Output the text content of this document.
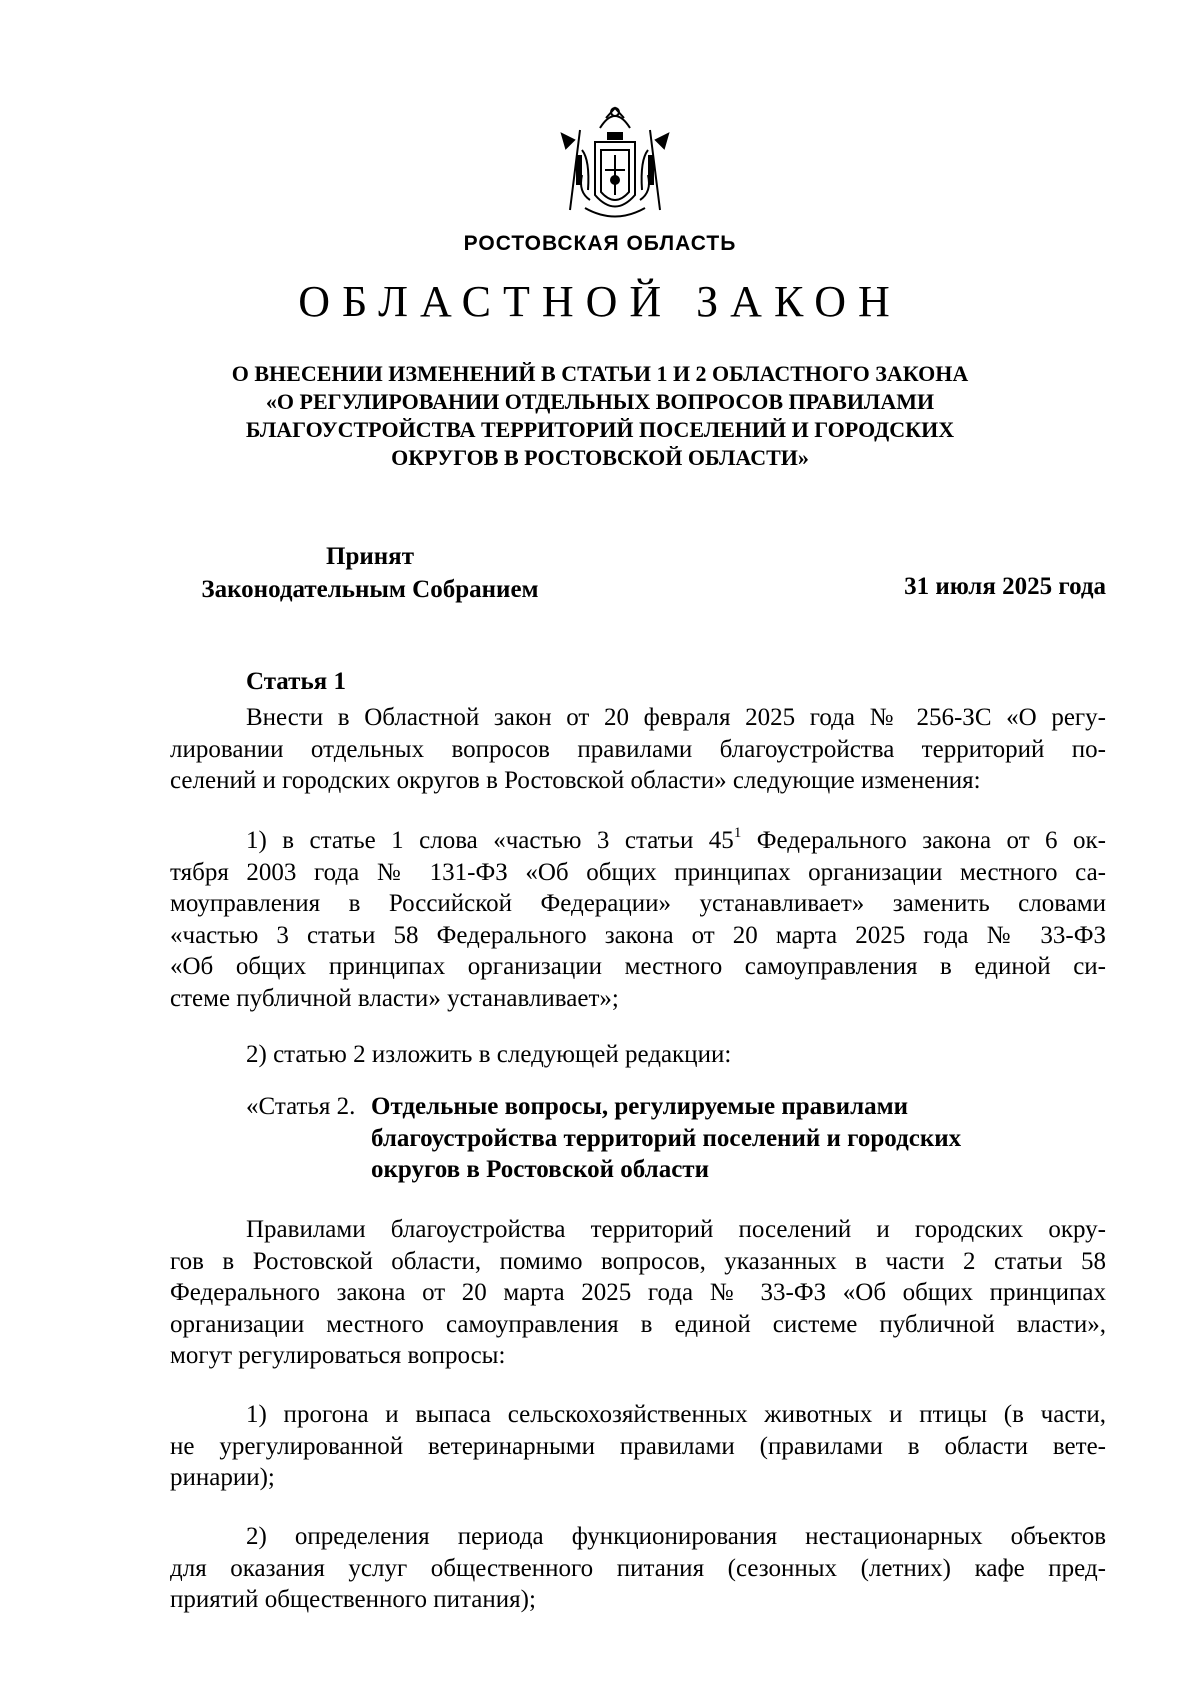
РОСТОВСКАЯ ОБЛАСТЬ
ОБЛАСТНОЙ ЗАКОН
О ВНЕСЕНИИ ИЗМЕНЕНИЙ В СТАТЬИ 1 И 2 ОБЛАСТНОГО ЗАКОНА
«О РЕГУЛИРОВАНИИ ОТДЕЛЬНЫХ ВОПРОСОВ ПРАВИЛАМИ
БЛАГОУСТРОЙСТВА ТЕРРИТОРИЙ ПОСЕЛЕНИЙ И ГОРОДСКИХ
ОКРУГОВ В РОСТОВСКОЙ ОБЛАСТИ»
Принят
Законодательным Собранием	31 июля 2025 года
Статья 1
Внести в Областной закон от 20 февраля 2025 года № 256-ЗС «О регу-
лировании отдельных вопросов правилами благоустройства территорий по-
селений и городских округов в Ростовской области» следующие изменения:
1) в статье 1 слова «частью 3 статьи $45^1$ Федерального закона от 6 ок-
тября 2003 года № 131-ФЗ «Об общих принципах организации местного са-
моуправления в Российской Федерации» устанавливает» заменить словами
«частью 3 статьи 58 Федерального закона от 20 марта 2025 года № 33-ФЗ
«Об общих принципах организации местного самоуправления в единой си-
стеме публичной власти» устанавливает»;
2) статью 2 изложить в следующей редакции:
«Статья 2. Отдельные вопросы, регулируемые правилами
благоустройства территорий поселений и городских
округов в Ростовской области
Правилами благоустройства территорий поселений и городских окру-
гов в Ростовской области, помимо вопросов, указанных в части 2 статьи 58
Федерального закона от 20 марта 2025 года № 33-ФЗ «Об общих принципах
организации местного самоуправления в единой системе публичной власти»,
могут регулироваться вопросы:
1) прогона и выпаса сельскохозяйственных животных и птицы (в части,
не урегулированной ветеринарными правилами (правилами в области вете-
ринарии);
2) определения периода функционирования нестационарных объектов
для оказания услуг общественного питания (сезонных (летних) кафе пред-
приятий общественного питания);
